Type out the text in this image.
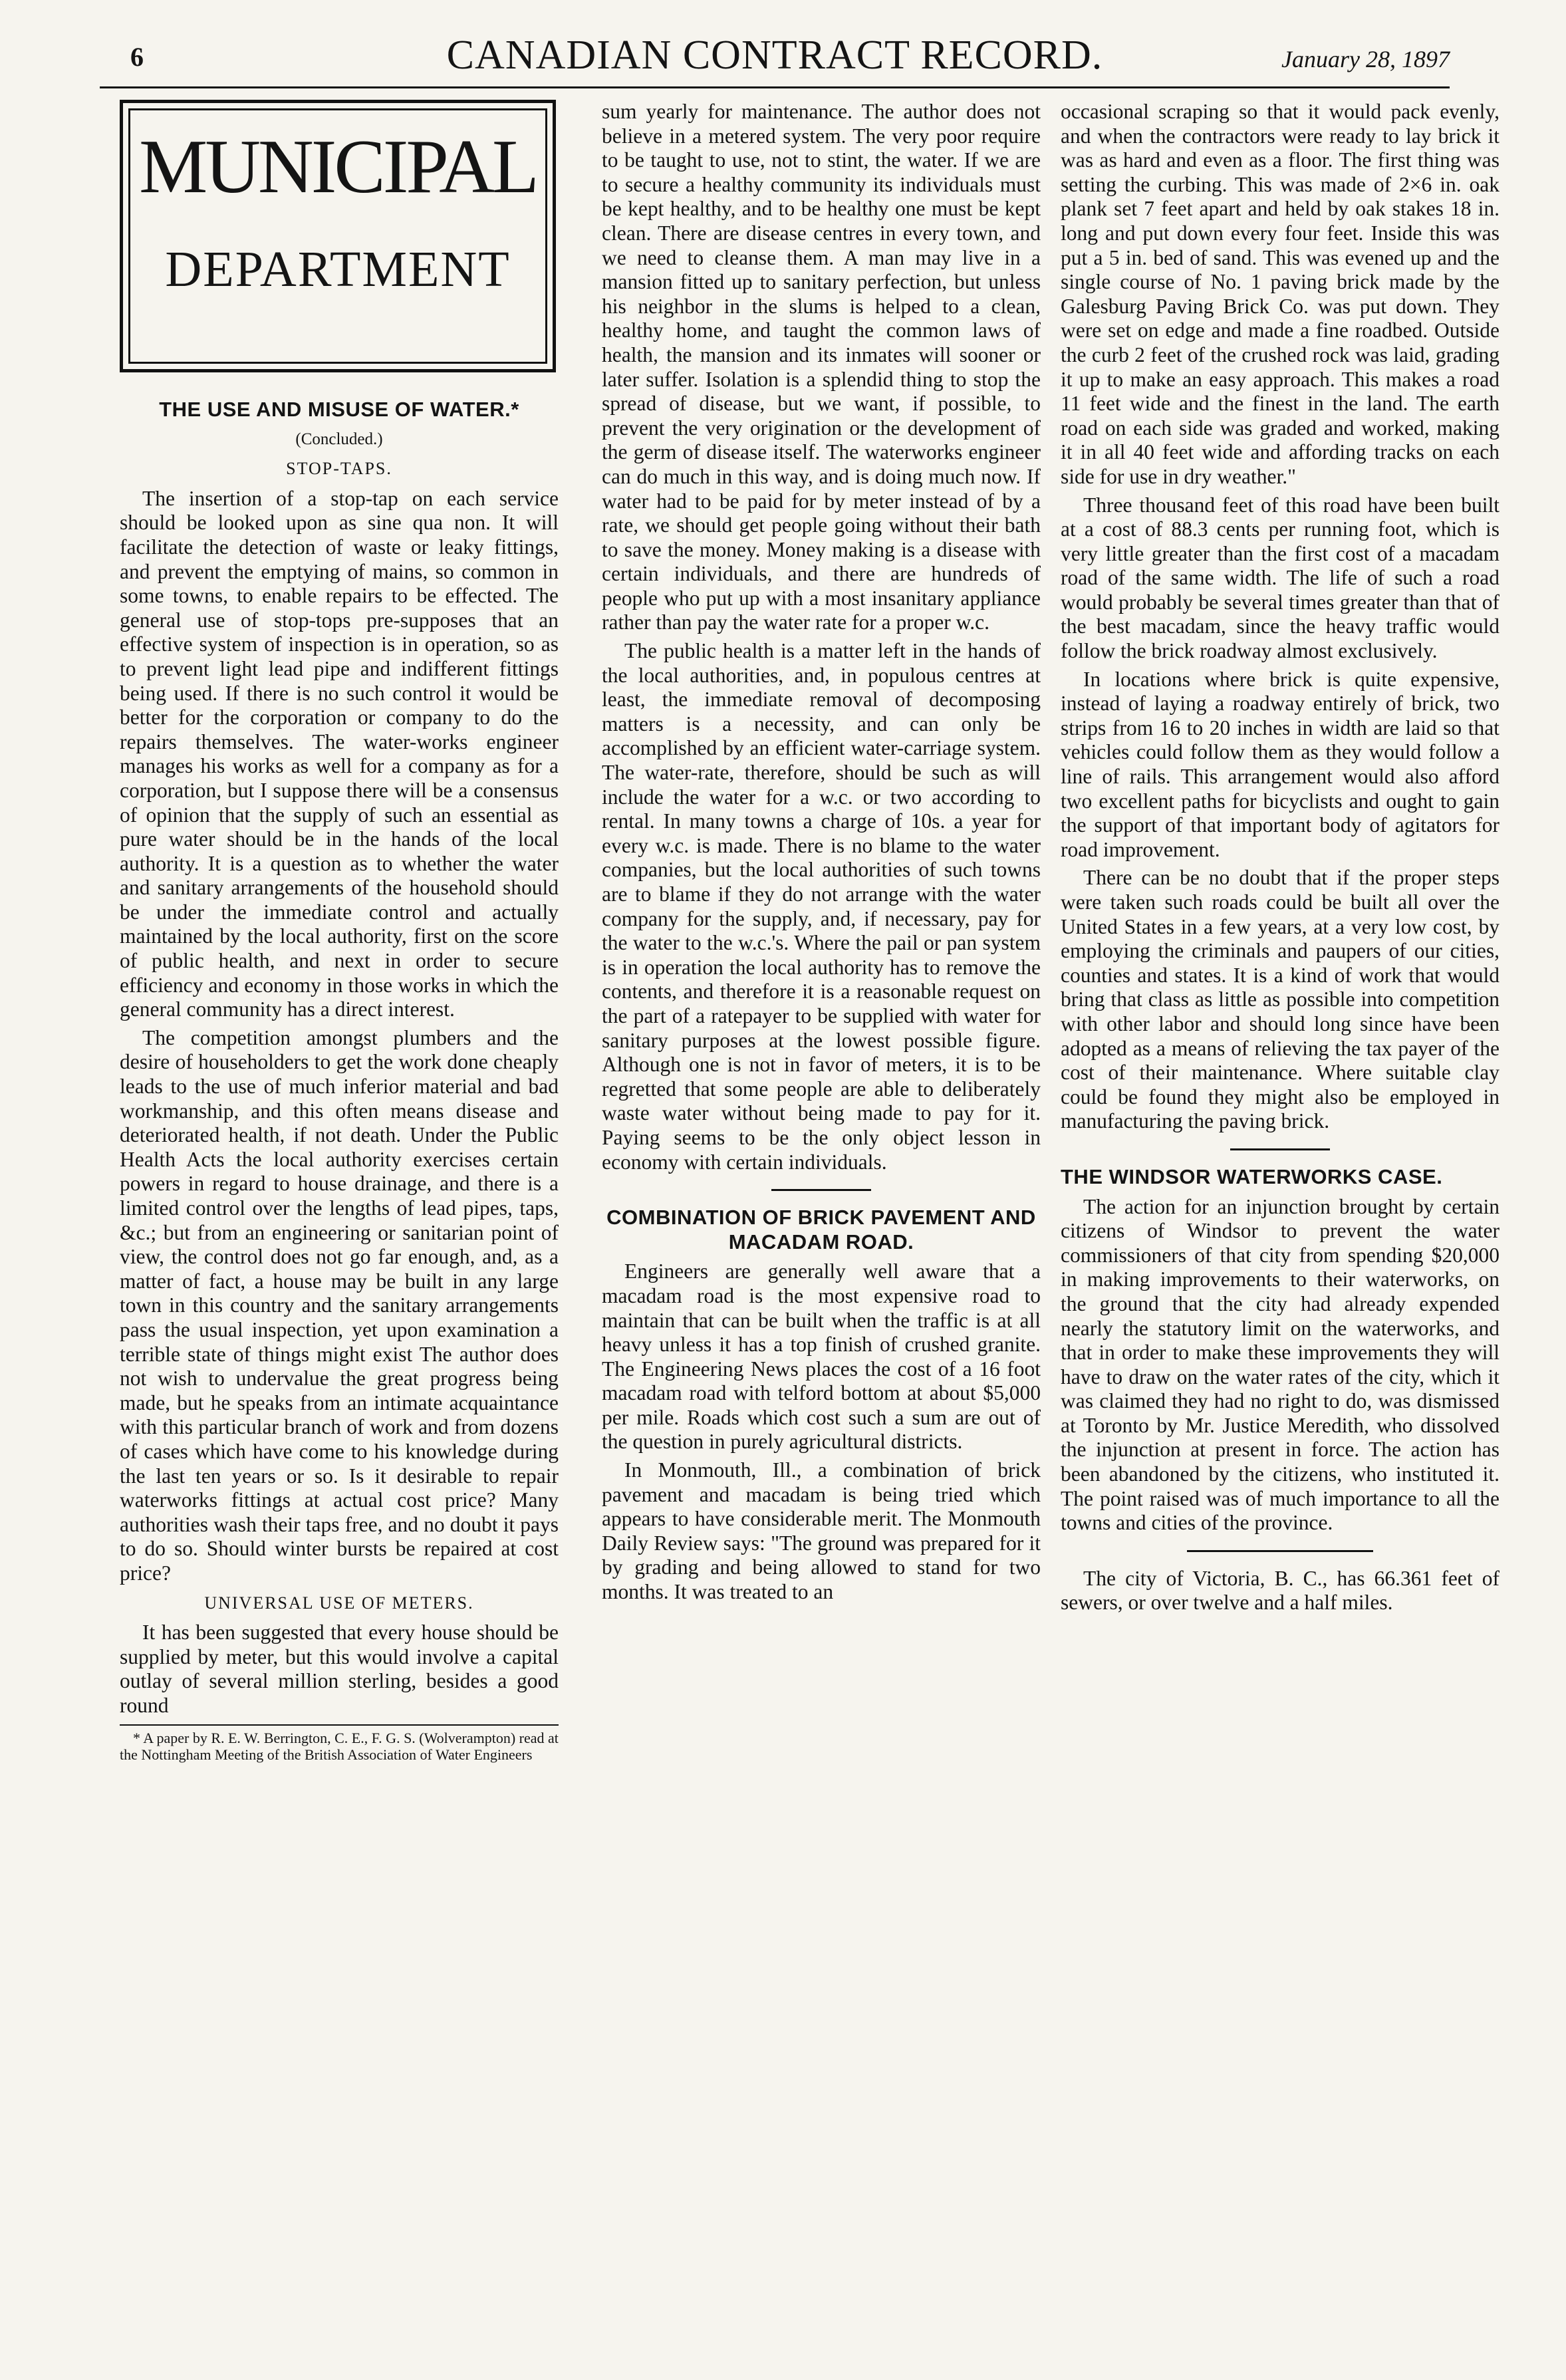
6	CANADIAN CONTRACT RECORD.	January 28, 1897
MUNICIPAL
DEPARTMENT
THE USE AND MISUSE OF WATER.*
(Concluded.)
STOP-TAPS.

The insertion of a stop-tap on each service should be looked upon as sine qua non. It will facilitate the detection of waste or leaky fittings, and prevent the emptying of mains, so common in some towns, to enable repairs to be effected. The general use of stop-tops pre-supposes that an effective system of inspection is in operation, so as to prevent light lead pipe and indifferent fittings being used. If there is no such control it would be better for the corporation or company to do the repairs themselves. The water-works engineer manages his works as well for a company as for a corporation, but I suppose there will be a consensus of opinion that the supply of such an essential as pure water should be in the hands of the local authority. It is a question as to whether the water and sanitary arrangements of the household should be under the immediate control and actually maintained by the local authority, first on the score of public health, and next in order to secure efficiency and economy in those works in which the general community has a direct interest.

The competition amongst plumbers and the desire of householders to get the work done cheaply leads to the use of much inferior material and bad workmanship, and this often means disease and deteriorated health, if not death. Under the Public Health Acts the local authority exercises certain powers in regard to house drainage, and there is a limited control over the lengths of lead pipes, taps, &c.; but from an engineering or sanitarian point of view, the control does not go far enough, and, as a matter of fact, a house may be built in any large town in this country and the sanitary arrangements pass the usual inspection, yet upon examination a terrible state of things might exist The author does not wish to undervalue the great progress being made, but he speaks from an intimate acquaintance with this particular branch of work and from dozens of cases which have come to his knowledge during the last ten years or so. Is it desirable to repair waterworks fittings at actual cost price? Many authorities wash their taps free, and no doubt it pays to do so. Should winter bursts be repaired at cost price?

UNIVERSAL USE OF METERS.

It has been suggested that every house should be supplied by meter, but this would involve a capital outlay of several million sterling, besides a good round

* A paper by R. E. W. Berrington, C. E., F. G. S. (Wolverampton) read at the Nottingham Meeting of the British Association of Water Engineers

sum yearly for maintenance. The author does not believe in a metered system. The very poor require to be taught to use, not to stint, the water. If we are to secure a healthy community its individuals must be kept healthy, and to be healthy one must be kept clean. There are disease centres in every town, and we need to cleanse them. A man may live in a mansion fitted up to sanitary perfection, but unless his neighbor in the slums is helped to a clean, healthy home, and taught the common laws of health, the mansion and its inmates will sooner or later suffer. Isolation is a splendid thing to stop the spread of disease, but we want, if possible, to prevent the very origination or the development of the germ of disease itself. The waterworks engineer can do much in this way, and is doing much now. If water had to be paid for by meter instead of by a rate, we should get people going without their bath to save the money. Money making is a disease with certain individuals, and there are hundreds of people who put up with a most insanitary appliance rather than pay the water rate for a proper w.c.

The public health is a matter left in the hands of the local authorities, and, in populous centres at least, the immediate removal of decomposing matters is a necessity, and can only be accomplished by an efficient water-carriage system. The water-rate, therefore, should be such as will include the water for a w.c. or two according to rental. In many towns a charge of 10s. a year for every w.c. is made. There is no blame to the water companies, but the local authorities of such towns are to blame if they do not arrange with the water company for the supply, and, if necessary, pay for the water to the w.c.'s. Where the pail or pan system is in operation the local authority has to remove the contents, and therefore it is a reasonable request on the part of a ratepayer to be supplied with water for sanitary purposes at the lowest possible figure. Although one is not in favor of meters, it is to be regretted that some people are able to deliberately waste water without being made to pay for it. Paying seems to be the only object lesson in economy with certain individuals.

COMBINATION OF BRICK PAVEMENT AND MACADAM ROAD.

Engineers are generally well aware that a macadam road is the most expensive road to maintain that can be built when the traffic is at all heavy unless it has a top finish of crushed granite. The Engineering News places the cost of a 16 foot macadam road with telford bottom at about $5,000 per mile. Roads which cost such a sum are out of the question in purely agricultural districts.

In Monmouth, Ill., a combination of brick pavement and macadam is being tried which appears to have considerable merit. The Monmouth Daily Review says: "The ground was prepared for it by grading and being allowed to stand for two months. It was treated to an

occasional scraping so that it would pack evenly, and when the contractors were ready to lay brick it was as hard and even as a floor. The first thing was setting the curbing. This was made of 2×6 in. oak plank set 7 feet apart and held by oak stakes 18 in. long and put down every four feet. Inside this was put a 5 in. bed of sand. This was evened up and the single course of No. 1 paving brick made by the Galesburg Paving Brick Co. was put down. They were set on edge and made a fine roadbed. Outside the curb 2 feet of the crushed rock was laid, grading it up to make an easy approach. This makes a road 11 feet wide and the finest in the land. The earth road on each side was graded and worked, making it in all 40 feet wide and affording tracks on each side for use in dry weather."

Three thousand feet of this road have been built at a cost of 88.3 cents per running foot, which is very little greater than the first cost of a macadam road of the same width. The life of such a road would probably be several times greater than that of the best macadam, since the heavy traffic would follow the brick roadway almost exclusively.

In locations where brick is quite expensive, instead of laying a roadway entirely of brick, two strips from 16 to 20 inches in width are laid so that vehicles could follow them as they would follow a line of rails. This arrangement would also afford two excellent paths for bicyclists and ought to gain the support of that important body of agitators for road improvement.

There can be no doubt that if the proper steps were taken such roads could be built all over the United States in a few years, at a very low cost, by employing the criminals and paupers of our cities, counties and states. It is a kind of work that would bring that class as little as possible into competition with other labor and should long since have been adopted as a means of relieving the tax payer of the cost of their maintenance. Where suitable clay could be found they might also be employed in manufacturing the paving brick.

THE WINDSOR WATERWORKS CASE.

The action for an injunction brought by certain citizens of Windsor to prevent the water commissioners of that city from spending $20,000 in making improvements to their waterworks, on the ground that the city had already expended nearly the statutory limit on the waterworks, and that in order to make these improvements they will have to draw on the water rates of the city, which it was claimed they had no right to do, was dismissed at Toronto by Mr. Justice Meredith, who dissolved the injunction at present in force. The action has been abandoned by the citizens, who instituted it. The point raised was of much importance to all the towns and cities of the province.

The city of Victoria, B. C., has 66.361 feet of sewers, or over twelve and a half miles.
